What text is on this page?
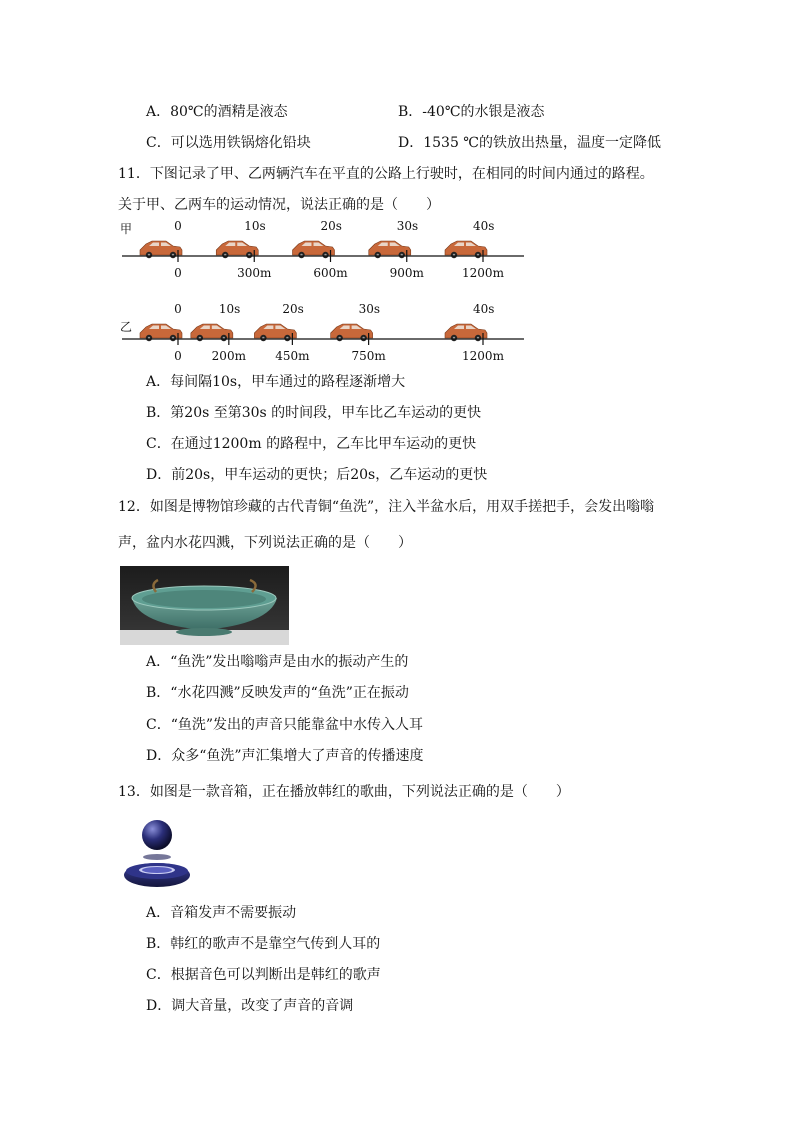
A．80℃的酒精是液态	B．-40℃的水银是液态
C．可以选用铁锅熔化铅块	D．1535 ℃的铁放出热量，温度一定降低
11．下图记录了甲、乙两辆汽车在平直的公路上行驶时，在相同的时间内通过的路程。
关于甲、乙两车的运动情况，说法正确的是（　　）
甲	0
0
10s
300m
20s
600m
30s
900m
40s
1200m
乙
0
0
10s
200m
20s
450m
30s
750m
40s
1200m
A．每间隔10s，甲车通过的路程逐渐增大
B．第20s 至第30s 的时间段，甲车比乙车运动的更快
C．在通过1200m 的路程中，乙车比甲车运动的更快
D．前20s，甲车运动的更快；后20s，乙车运动的更快
12．如图是博物馆珍藏的古代青铜“鱼洗”，注入半盆水后，用双手搓把手，会发出嗡嗡
声，盆内水花四溅，下列说法正确的是（　　）
A．“鱼洗”发出嗡嗡声是由水的振动产生的
B．“水花四溅”反映发声的“鱼洗”正在振动
C．“鱼洗”发出的声音只能靠盆中水传入人耳
D．众多“鱼洗”声汇集增大了声音的传播速度
13．如图是一款音箱，正在播放韩红的歌曲，下列说法正确的是（　　）
A．音箱发声不需要振动
B．韩红的歌声不是靠空气传到人耳的
C．根据音色可以判断出是韩红的歌声
D．调大音量，改变了声音的音调
